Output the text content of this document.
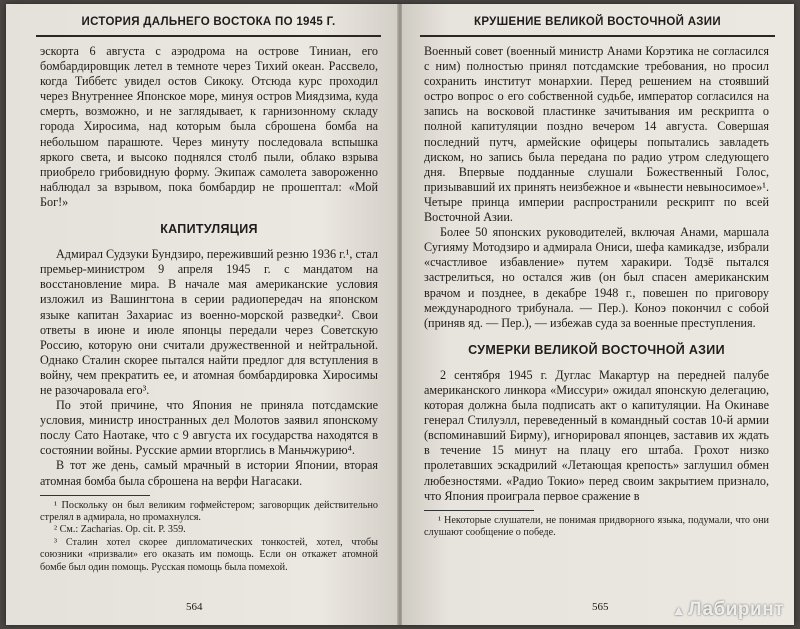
ИСТОРИЯ ДАЛЬНЕГО ВОСТОКА ПО 1945 Г.

эскорта 6 августа с аэродрома на острове Тиниан, его бомбардировщик летел в темноте через Тихий океан. Рассвело, когда Тиббетс увидел остов Сикоку. Отсюда курс проходил через Внутреннее Японское море, минуя остров Миядзима, куда смерть, возможно, и не заглядывает, к гарнизонному складу города Хиросима, над которым была сброшена бомба на небольшом парашюте. Через минуту последовала вспышка яркого света, и высоко поднялся столб пыли, облако взрыва приобрело грибовидную форму. Экипаж самолета завороженно наблюдал за взрывом, пока бомбардир не прошептал: «Мой Бог!»

КАПИТУЛЯЦИЯ

Адмирал Судзуки Бундзиро, переживший резню 1936 г.¹, стал премьер-министром 9 апреля 1945 г. с мандатом на восстановление мира. В начале мая американские условия изложил из Вашингтона в серии радиопередач на японском языке капитан Захариас из военно-морской разведки². Свои ответы в июне и июле японцы передали через Советскую Россию, которую они считали дружественной и нейтральной. Однако Сталин скорее пытался найти предлог для вступления в войну, чем прекратить ее, и атомная бомбардировка Хиросимы не разочаровала его³.

По этой причине, что Япония не приняла потсдамские условия, министр иностранных дел Молотов заявил японскому послу Сато Наотаке, что с 9 августа их государства находятся в состоянии войны. Русские армии вторглись в Маньчжурию⁴.

В тот же день, самый мрачный в истории Японии, вторая атомная бомба была сброшена на верфи Нагасаки.

¹ Поскольку он был великим гофмейстером; заговорщик действительно стрелял в адмирала, но промахнулся.

² См.: Zacharias. Op. cit. P. 359.

³ Сталин хотел скорее дипломатических тонкостей, хотел, чтобы союзники «призвали» его оказать им помощь. Если он откажет атомной бомбе был один помощь. Русская помощь была помехой.

564
КРУШЕНИЕ ВЕЛИКОЙ ВОСТОЧНОЙ АЗИИ

Военный совет (военный министр Анами Корэтика не согласился с ним) полностью принял потсдамские требования, но просил сохранить институт монархии. Перед решением на стоявший остро вопрос о его собственной судьбе, император согласился на запись на восковой пластинке зачитывания им рескрипта о полной капитуляции поздно вечером 14 августа. Совершая последний путч, армейские офицеры попытались завладеть диском, но запись была передана по радио утром следующего дня. Впервые подданные слушали Божественный Голос, призывавший их принять неизбежное и «вынести невыносимое»¹. Четыре принца империи распространили рескрипт по всей Восточной Азии.

Более 50 японских руководителей, включая Анами, маршала Сугияму Мотодзиро и адмирала Ониси, шефа камикадзе, избрали «счастливое избавление» путем харакири. Тодзё пытался застрелиться, но остался жив (он был спасен американским врачом и позднее, в декабре 1948 г., повешен по приговору международного трибунала. — Пер.). Коноэ покончил с собой (приняв яд. — Пер.), — избежав суда за военные преступления.

СУМЕРКИ ВЕЛИКОЙ ВОСТОЧНОЙ АЗИИ

2 сентября 1945 г. Дуглас Макартур на передней палубе американского линкора «Миссури» ожидал японскую делегацию, которая должна была подписать акт о капитуляции. На Окинаве генерал Стилуэлл, переведенный в командный состав 10-й армии (вспоминавший Бирму), игнорировал японцев, заставив их ждать в течение 15 минут на плацу его штаба. Грохот низко пролетавших эскадрилий «Летающая крепость» заглушил обмен любезностями. «Радио Токио» перед своим закрытием признало, что Япония проиграла первое сражение в

¹ Некоторые слушатели, не понимая придворного языка, подумали, что они слушают сообщение о победе.

565	▲ Лабиринт
